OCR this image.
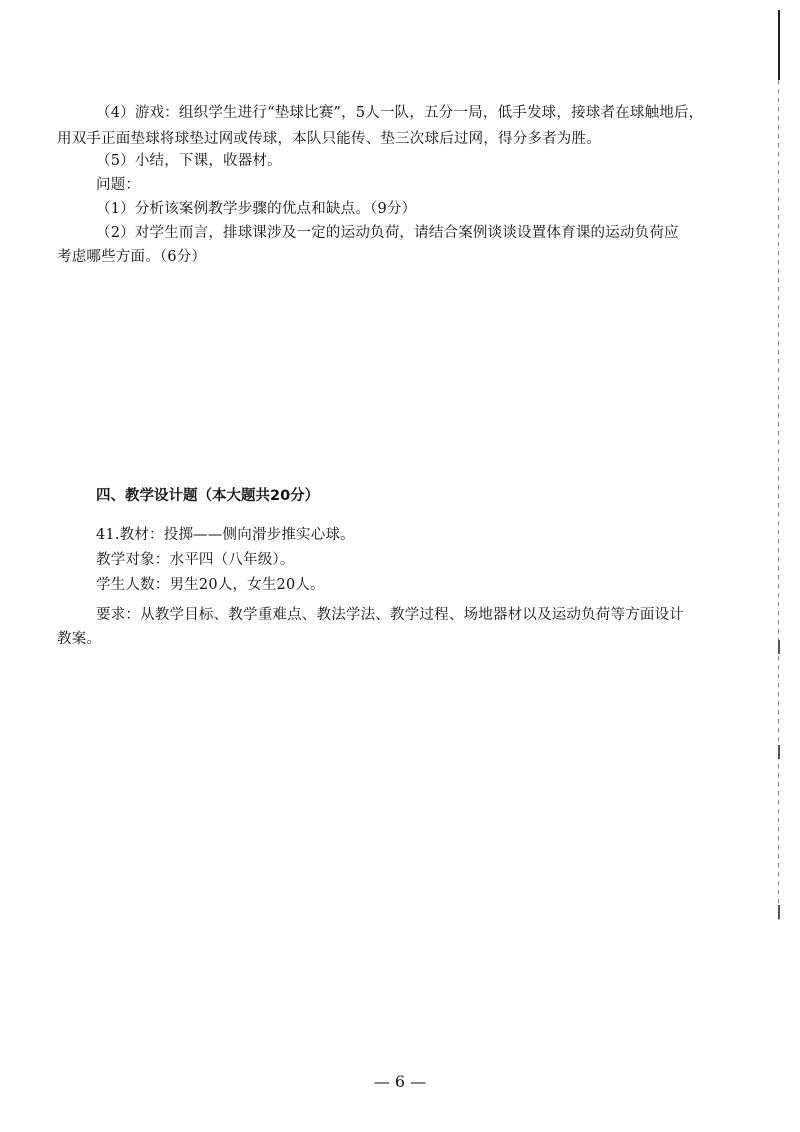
（4）游戏：组织学生进行“垫球比赛”，5人一队，五分一局，低手发球，接球者在球触地后，
用双手正面垫球将球垫过网或传球，本队只能传、垫三次球后过网，得分多者为胜。
（5）小结，下课，收器材。
问题：
（1）分析该案例教学步骤的优点和缺点。（9分）
（2）对学生而言，排球课涉及一定的运动负荷，请结合案例谈谈设置体育课的运动负荷应
考虑哪些方面。（6分）
四、教学设计题（本大题共20分）
41.教材：投掷——侧向滑步推实心球。
教学对象：水平四（八年级）。
学生人数：男生20人，女生20人。
要求：从教学目标、教学重难点、教法学法、教学过程、场地器材以及运动负荷等方面设计
教案。
— 6 —
